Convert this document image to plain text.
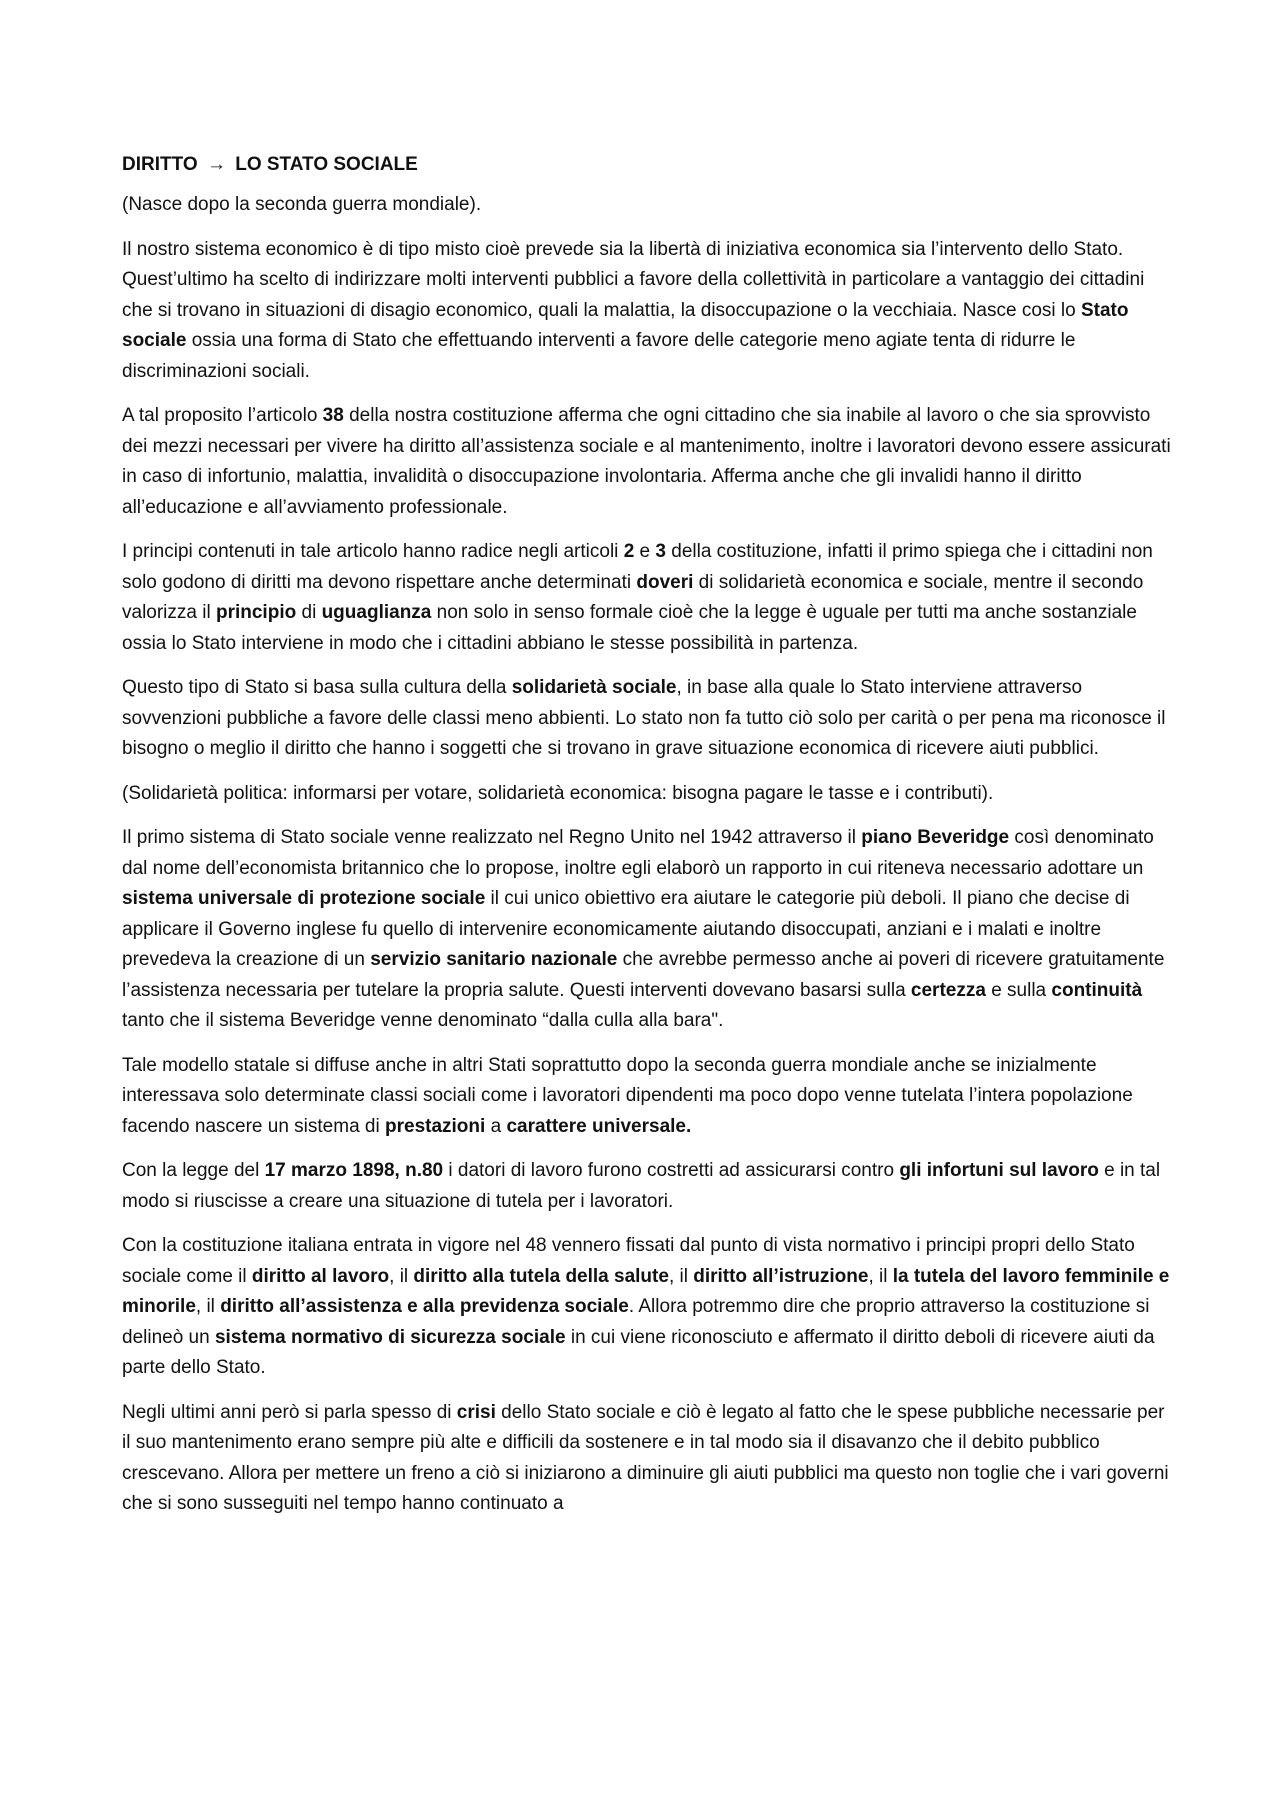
DIRITTO → LO STATO SOCIALE

(Nasce dopo la seconda guerra mondiale).

Il nostro sistema economico è di tipo misto cioè prevede sia la libertà di iniziativa economica sia l’intervento dello Stato. Quest’ultimo ha scelto di indirizzare molti interventi pubblici a favore della collettività in particolare a vantaggio dei cittadini che si trovano in situazioni di disagio economico, quali la malattia, la disoccupazione o la vecchiaia. Nasce cosi lo Stato sociale ossia una forma di Stato che effettuando interventi a favore delle categorie meno agiate tenta di ridurre le discriminazioni sociali.

A tal proposito l’articolo 38 della nostra costituzione afferma che ogni cittadino che sia inabile al lavoro o che sia sprovvisto dei mezzi necessari per vivere ha diritto all’assistenza sociale e al mantenimento, inoltre i lavoratori devono essere assicurati in caso di infortunio, malattia, invalidità o disoccupazione involontaria. Afferma anche che gli invalidi hanno il diritto all’educazione e all’avviamento professionale.

I principi contenuti in tale articolo hanno radice negli articoli 2 e 3 della costituzione, infatti il primo spiega che i cittadini non solo godono di diritti ma devono rispettare anche determinati doveri di solidarietà economica e sociale, mentre il secondo valorizza il principio di uguaglianza non solo in senso formale cioè che la legge è uguale per tutti ma anche sostanziale ossia lo Stato interviene in modo che i cittadini abbiano le stesse possibilità in partenza.

Questo tipo di Stato si basa sulla cultura della solidarietà sociale, in base alla quale lo Stato interviene attraverso sovvenzioni pubbliche a favore delle classi meno abbienti. Lo stato non fa tutto ciò solo per carità o per pena ma riconosce il bisogno o meglio il diritto che hanno i soggetti che si trovano in grave situazione economica di ricevere aiuti pubblici.

(Solidarietà politica: informarsi per votare, solidarietà economica: bisogna pagare le tasse e i contributi).

Il primo sistema di Stato sociale venne realizzato nel Regno Unito nel 1942 attraverso il piano Beveridge così denominato dal nome dell’economista britannico che lo propose, inoltre egli elaborò un rapporto in cui riteneva necessario adottare un sistema universale di protezione sociale il cui unico obiettivo era aiutare le categorie più deboli. Il piano che decise di applicare il Governo inglese fu quello di intervenire economicamente aiutando disoccupati, anziani e i malati e inoltre prevedeva la creazione di un servizio sanitario nazionale che avrebbe permesso anche ai poveri di ricevere gratuitamente l’assistenza necessaria per tutelare la propria salute. Questi interventi dovevano basarsi sulla certezza e sulla continuità tanto che il sistema Beveridge venne denominato “dalla culla alla bara".

Tale modello statale si diffuse anche in altri Stati soprattutto dopo la seconda guerra mondiale anche se inizialmente interessava solo determinate classi sociali come i lavoratori dipendenti ma poco dopo venne tutelata l’intera popolazione facendo nascere un sistema di prestazioni a carattere universale.

Con la legge del 17 marzo 1898, n.80 i datori di lavoro furono costretti ad assicurarsi contro gli infortuni sul lavoro e in tal modo si riuscisse a creare una situazione di tutela per i lavoratori.

Con la costituzione italiana entrata in vigore nel 48 vennero fissati dal punto di vista normativo i principi propri dello Stato sociale come il diritto al lavoro, il diritto alla tutela della salute, il diritto all’istruzione, il la tutela del lavoro femminile e minorile, il diritto all’assistenza e alla previdenza sociale. Allora potremmo dire che proprio attraverso la costituzione si delineò un sistema normativo di sicurezza sociale in cui viene riconosciuto e affermato il diritto deboli di ricevere aiuti da parte dello Stato.

Negli ultimi anni però si parla spesso di crisi dello Stato sociale e ciò è legato al fatto che le spese pubbliche necessarie per il suo mantenimento erano sempre più alte e difficili da sostenere e in tal modo sia il disavanzo che il debito pubblico crescevano. Allora per mettere un freno a ciò si iniziarono a diminuire gli aiuti pubblici ma questo non toglie che i vari governi che si sono susseguiti nel tempo hanno continuato a
